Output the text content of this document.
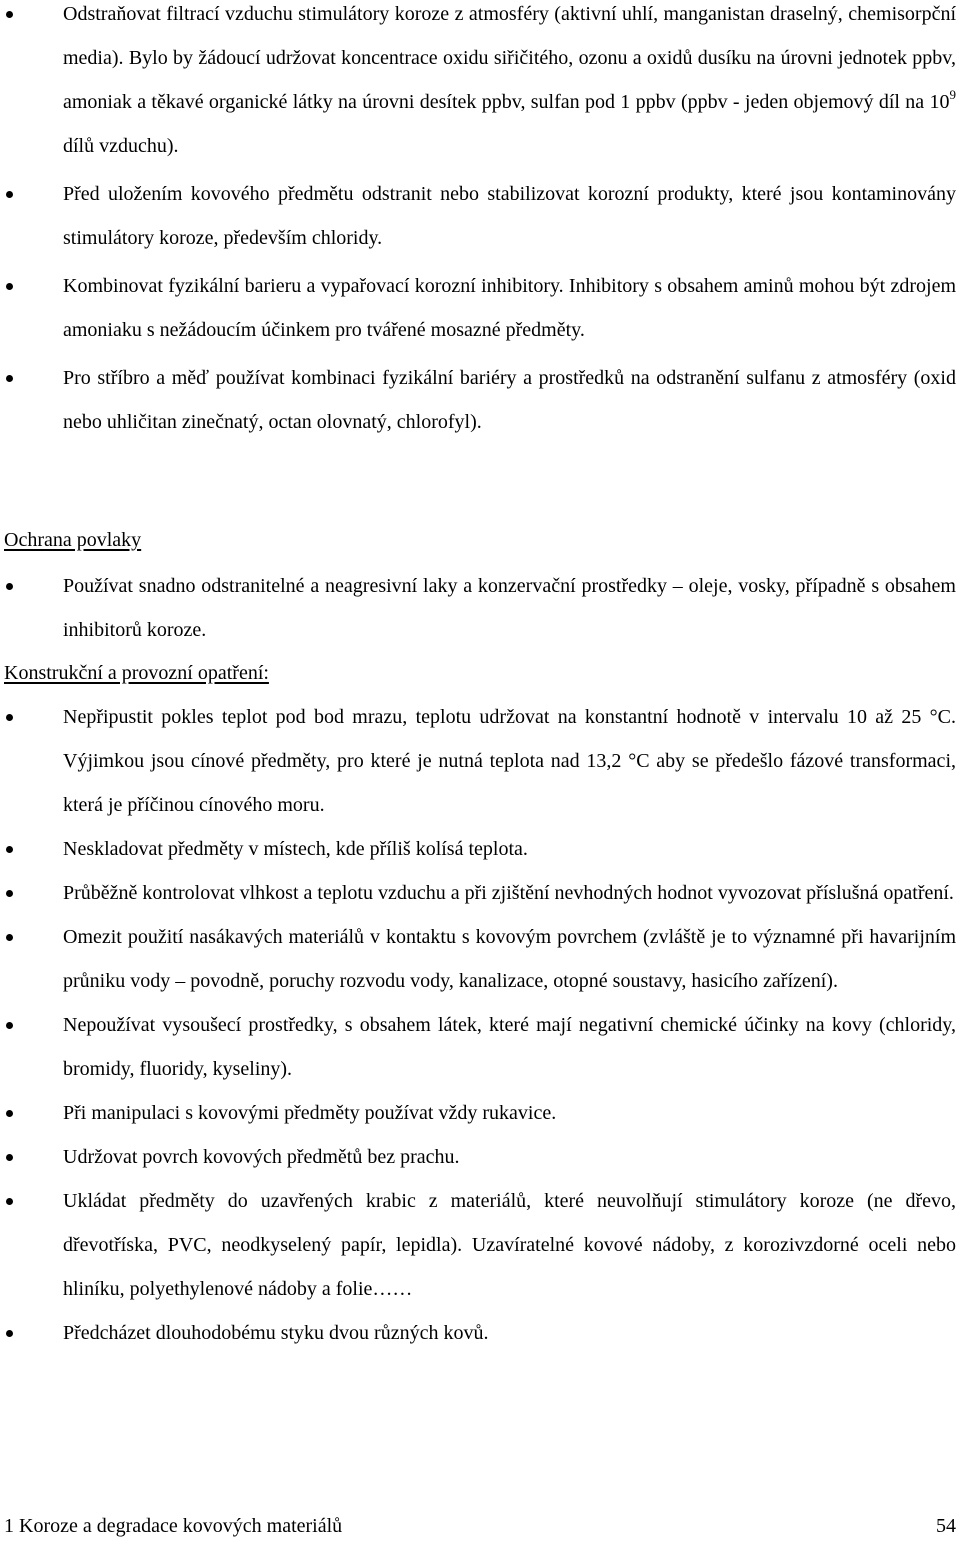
Odstraňovat filtrací vzduchu stimulátory koroze z atmosféry (aktivní uhlí, manganistan draselný, chemisorpční media). Bylo by žádoucí udržovat koncentrace oxidu siřičitého, ozonu a oxidů dusíku na úrovni jednotek ppbv, amoniak a těkavé organické látky na úrovni desítek ppbv, sulfan pod 1 ppbv (ppbv - jeden objemový díl na $10^9$ dílů vzduchu).
Před uložením kovového předmětu odstranit nebo stabilizovat korozní produkty, které jsou kontaminovány stimulátory koroze, především chloridy.
Kombinovat fyzikální barieru a vypařovací korozní inhibitory. Inhibitory s obsahem aminů mohou být zdrojem amoniaku s nežádoucím účinkem pro tvářené mosazné předměty.
Pro stříbro a měď používat kombinaci fyzikální bariéry a prostředků na odstranění sulfanu z atmosféry (oxid nebo uhličitan zinečnatý, octan olovnatý, chlorofyl).
Ochrana povlaky
Používat snadno odstranitelné a neagresivní laky a konzervační prostředky – oleje, vosky, případně s obsahem inhibitorů koroze.
Konstrukční a provozní opatření:
Nepřipustit pokles teplot pod bod mrazu, teplotu udržovat na konstantní hodnotě v intervalu 10 až 25 °C. Výjimkou jsou cínové předměty, pro které je nutná teplota nad 13,2 °C aby se předešlo fázové transformaci, která je příčinou cínového moru.
Neskladovat předměty v místech, kde příliš kolísá teplota.
Průběžně kontrolovat vlhkost a teplotu vzduchu a při zjištění nevhodných hodnot vyvozovat příslušná opatření.
Omezit použití nasákavých materiálů v kontaktu s kovovým povrchem (zvláště je to významné při havarijním průniku vody – povodně, poruchy rozvodu vody, kanalizace, otopné soustavy, hasicího zařízení).
Nepoužívat vysoušecí prostředky, s obsahem látek, které mají negativní chemické účinky na kovy (chloridy, bromidy, fluoridy, kyseliny).
Při manipulaci s kovovými předměty používat vždy rukavice.
Udržovat povrch kovových předmětů bez prachu.
Ukládat předměty do uzavřených krabic z materiálů, které neuvolňují stimulátory koroze (ne dřevo, dřevotříska, PVC, neodkyselený papír, lepidla). Uzavíratelné kovové nádoby, z korozivzdorné oceli nebo hliníku, polyethylenové nádoby a folie……
Předcházet dlouhodobému styku dvou různých kovů.
1 Koroze a degradace kovových materiálů	54
